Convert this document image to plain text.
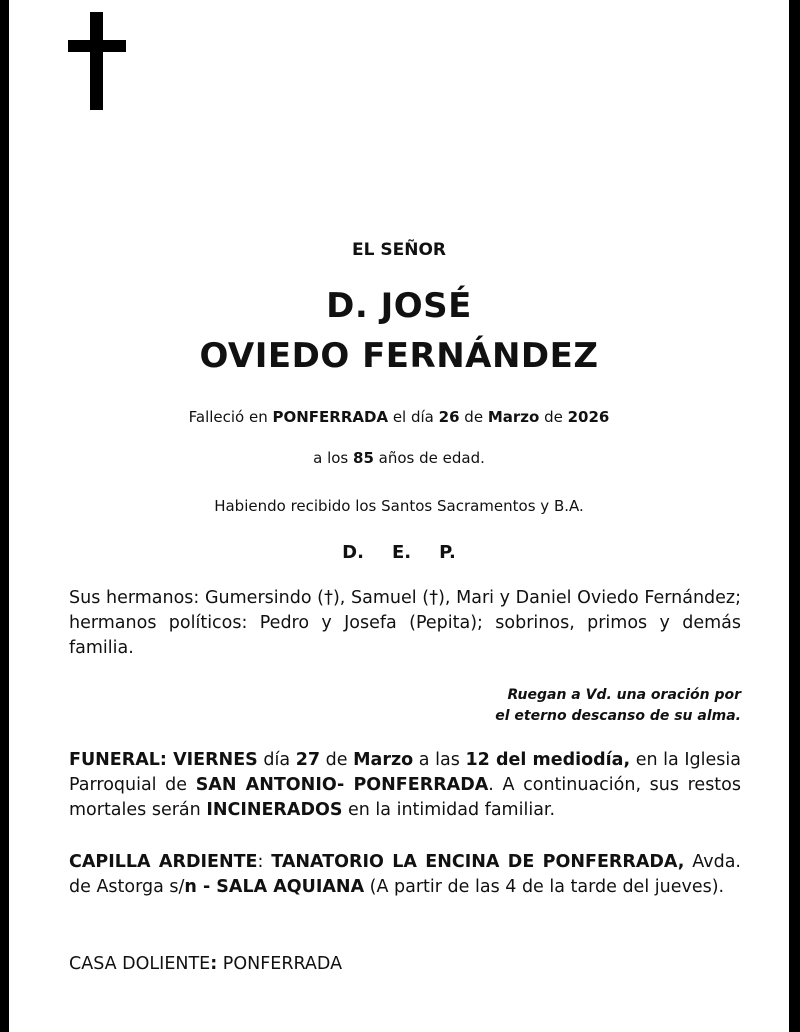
EL SEÑOR
D. JOSÉ
OVIEDO FERNÁNDEZ
Falleció en PONFERRADA el día 26 de Marzo de 2026
a los 85 años de edad.
Habiendo recibido los Santos Sacramentos y B.A.
D. E. P.
Sus hermanos: Gumersindo (†), Samuel (†), Mari y Daniel Oviedo Fernández; hermanos políticos: Pedro y Josefa (Pepita); sobrinos, primos y demás familia.
Ruegan a Vd. una oración por
el eterno descanso de su alma.
FUNERAL: VIERNES día 27 de Marzo a las 12 del mediodía, en la Iglesia Parroquial de SAN ANTONIO- PONFERRADA. A continuación, sus restos mortales serán INCINERADOS en la intimidad familiar.
CAPILLA ARDIENTE: TANATORIO LA ENCINA DE PONFERRADA, Avda. de Astorga s/n - SALA AQUIANA (A partir de las 4 de la tarde del jueves).
CASA DOLIENTE: PONFERRADA
